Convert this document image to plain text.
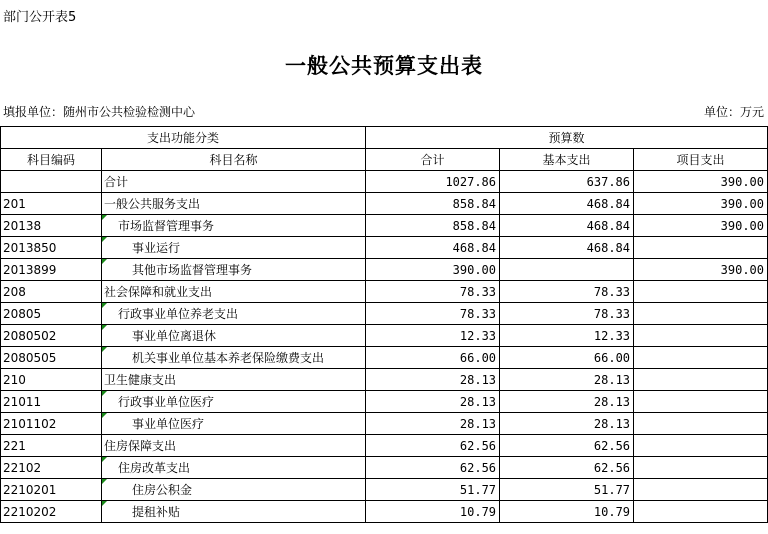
部门公开表5
一般公共预算支出表
填报单位：随州市公共检验检测中心	单位：万元
支出功能分类		预算数		
科目编码	科目名称	合计	基本支出	项目支出
	合计	1027.86	637.86	390.00
201	一般公共服务支出	858.84	468.84	390.00
20138	市场监督管理事务	858.84	468.84	390.00
2013850	事业运行	468.84	468.84	
2013899	其他市场监督管理事务	390.00		390.00
208	社会保障和就业支出	78.33	78.33	
20805	行政事业单位养老支出	78.33	78.33	
2080502	事业单位离退休	12.33	12.33	
2080505	机关事业单位基本养老保险缴费支出	66.00	66.00	
210	卫生健康支出	28.13	28.13	
21011	行政事业单位医疗	28.13	28.13	
2101102	事业单位医疗	28.13	28.13	
221	住房保障支出	62.56	62.56	
22102	住房改革支出	62.56	62.56	
2210201	住房公积金	51.77	51.77	
2210202	提租补贴	10.79	10.79	
